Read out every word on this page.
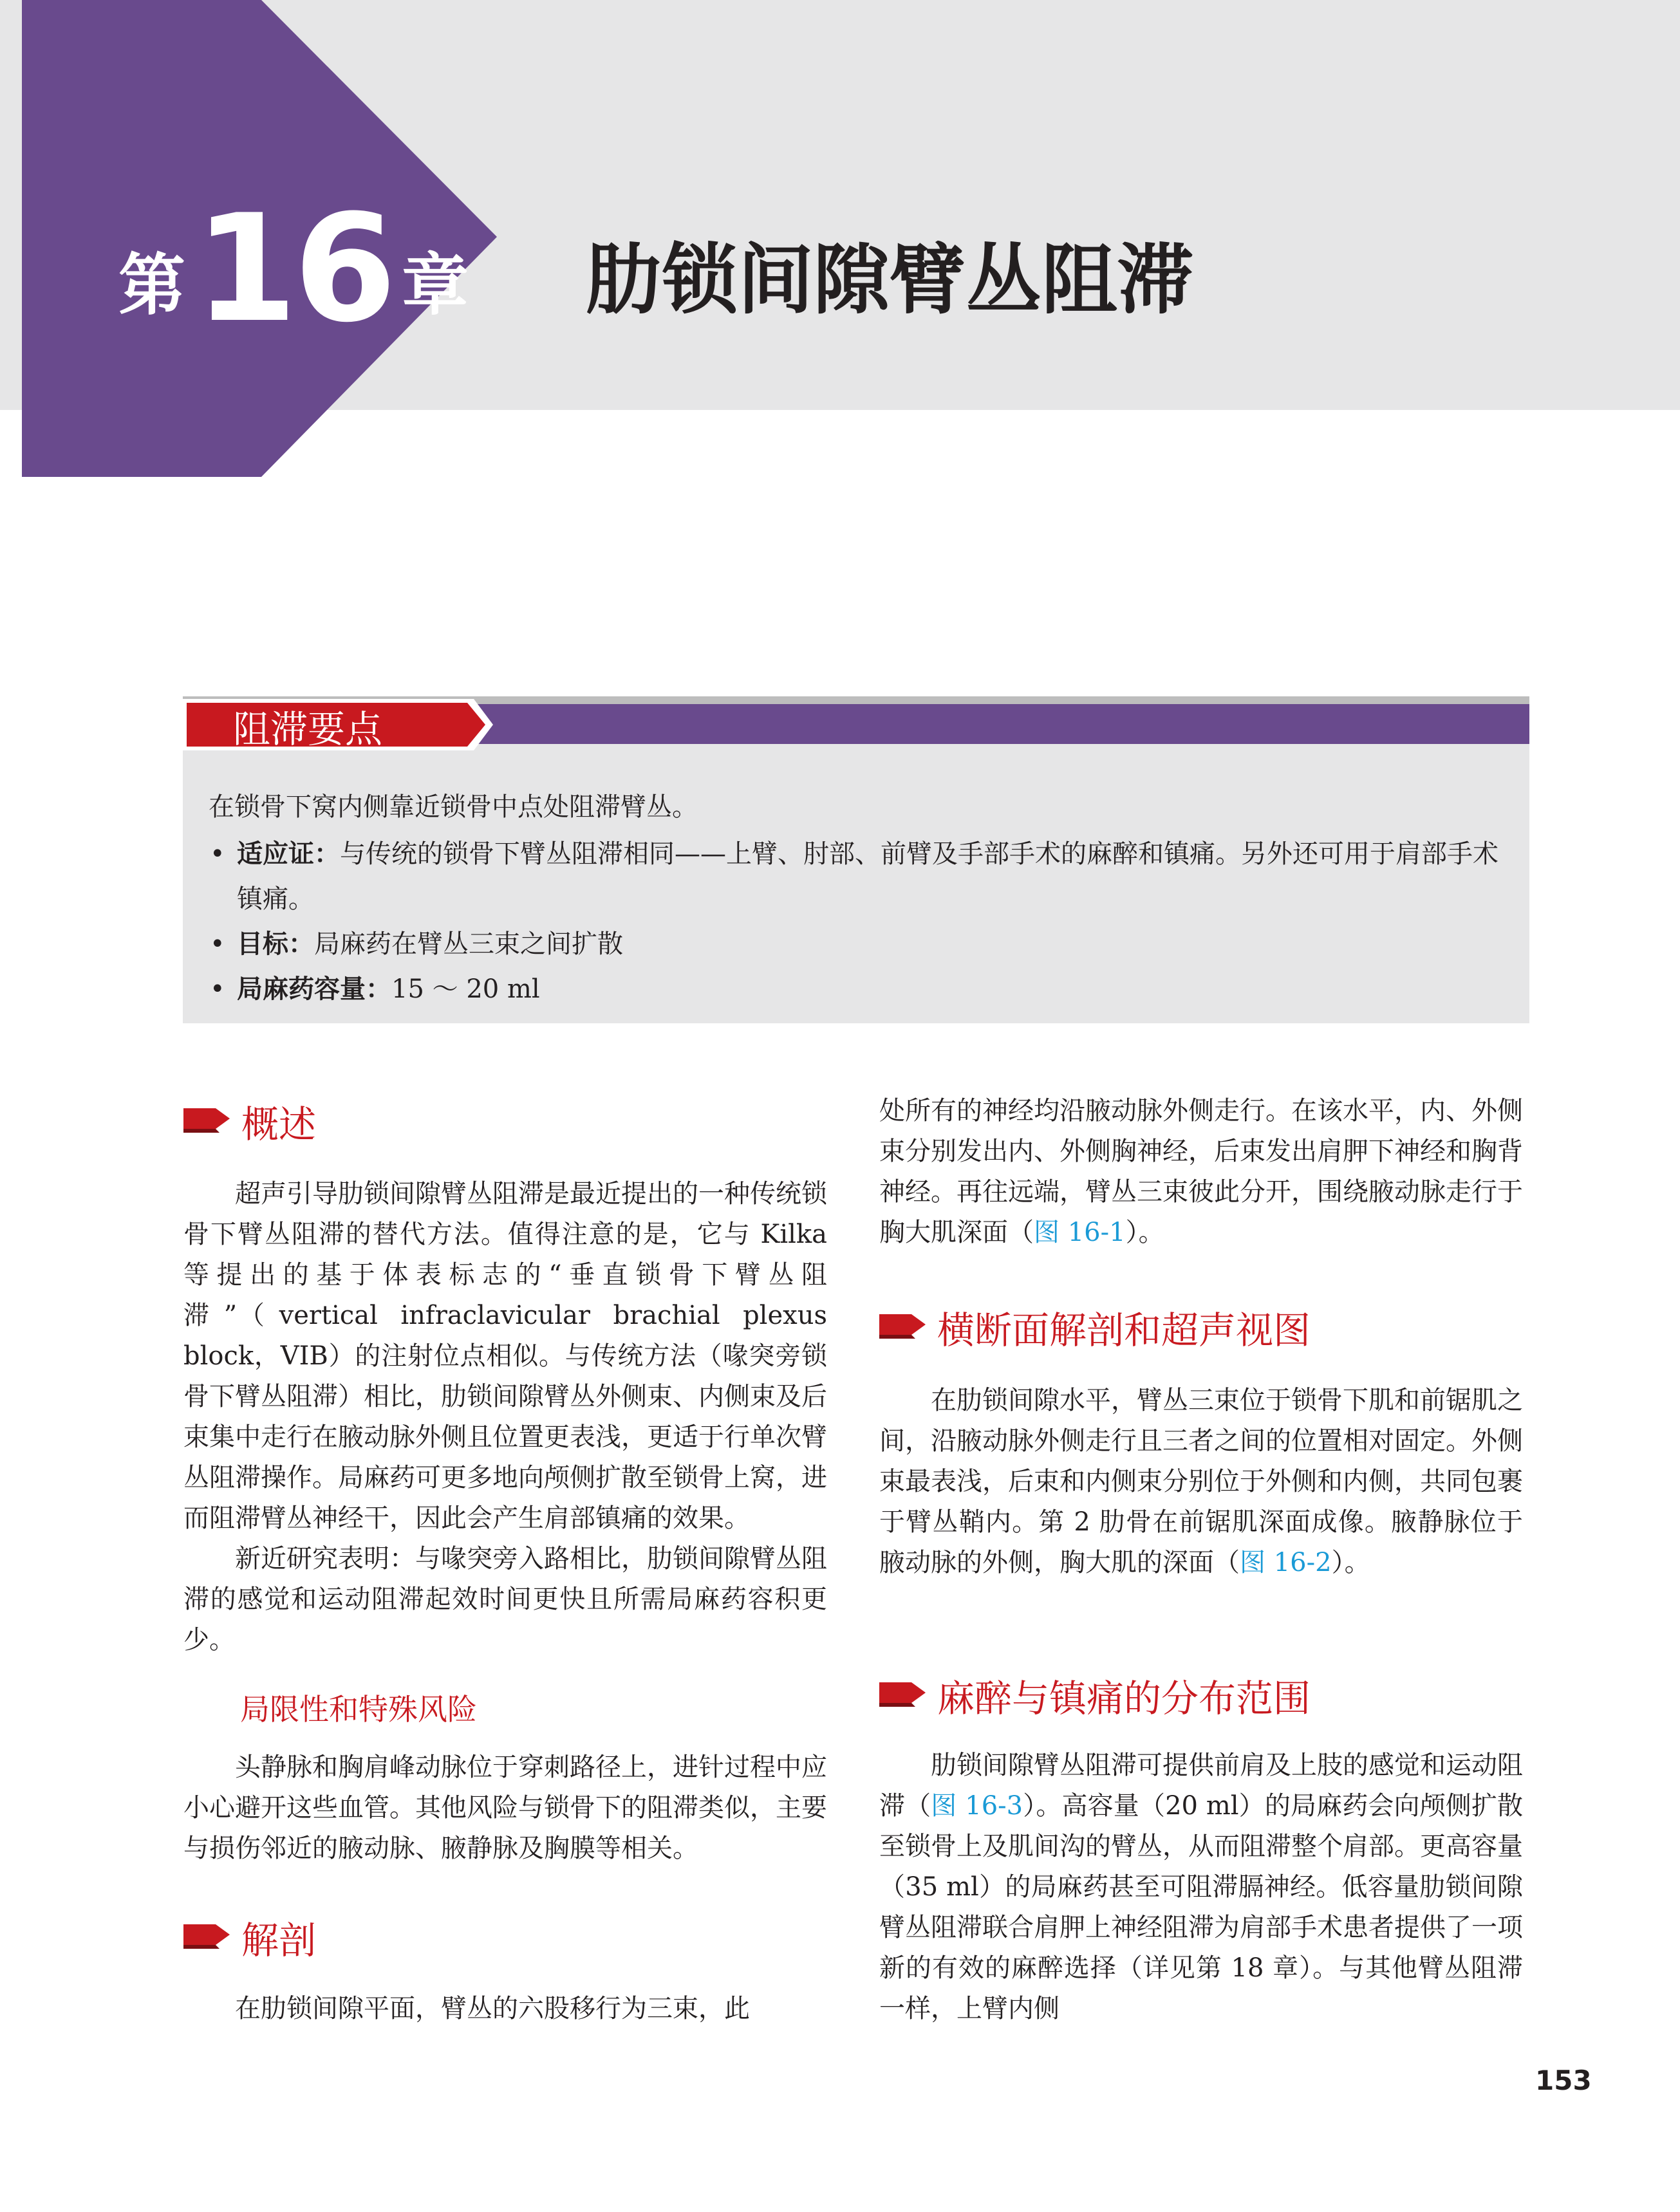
第16 章 肋锁间隙臂丛阻滞
阻滞要点
在锁骨下窝内侧靠近锁骨中点处阻滞臂丛。
• 适应证：与传统的锁骨下臂丛阻滞相同——上臂、肘部、前臂及手部手术的麻醉和镇痛。另外还可用于肩部手术镇痛。
• 目标：局麻药在臂丛三束之间扩散
• 局麻药容量：15 ～ 20 ml
概述

超声引导肋锁间隙臂丛阻滞是最近提出的一种传统锁骨下臂丛阻滞的替代方法。值得注意的是，它与 Kilka 等提出的基于体表标志的“垂直锁骨下臂丛阻滞”（vertical infraclavicular brachial plexus block，VIB）的注射位点相似。与传统方法（喙突旁锁骨下臂丛阻滞）相比，肋锁间隙臂丛外侧束、内侧束及后束集中走行在腋动脉外侧且位置更表浅，更适于行单次臂丛阻滞操作。局麻药可更多地向颅侧扩散至锁骨上窝，进而阻滞臂丛神经干，因此会产生肩部镇痛的效果。

新近研究表明：与喙突旁入路相比，肋锁间隙臂丛阻滞的感觉和运动阻滞起效时间更快且所需局麻药容积更少。

局限性和特殊风险

头静脉和胸肩峰动脉位于穿刺路径上，进针过程中应小心避开这些血管。其他风险与锁骨下的阻滞类似，主要与损伤邻近的腋动脉、腋静脉及胸膜等相关。

解剖

在肋锁间隙平面，臂丛的六股移行为三束，此

处所有的神经均沿腋动脉外侧走行。在该水平，内、外侧束分别发出内、外侧胸神经，后束发出肩胛下神经和胸背神经。再往远端，臂丛三束彼此分开，围绕腋动脉走行于胸大肌深面（图 16-1）。

横断面解剖和超声视图

在肋锁间隙水平，臂丛三束位于锁骨下肌和前锯肌之间，沿腋动脉外侧走行且三者之间的位置相对固定。外侧束最表浅，后束和内侧束分别位于外侧和内侧，共同包裹于臂丛鞘内。第 2 肋骨在前锯肌深面成像。腋静脉位于腋动脉的外侧，胸大肌的深面（图 16-2）。

麻醉与镇痛的分布范围

肋锁间隙臂丛阻滞可提供前肩及上肢的感觉和运动阻滞（图 16-3）。高容量（20 ml）的局麻药会向颅侧扩散至锁骨上及肌间沟的臂丛，从而阻滞整个肩部。更高容量（35 ml）的局麻药甚至可阻滞膈神经。低容量肋锁间隙臂丛阻滞联合肩胛上神经阻滞为肩部手术患者提供了一项新的有效的麻醉选择（详见第 18 章）。与其他臂丛阻滞一样，上臂内侧

153
